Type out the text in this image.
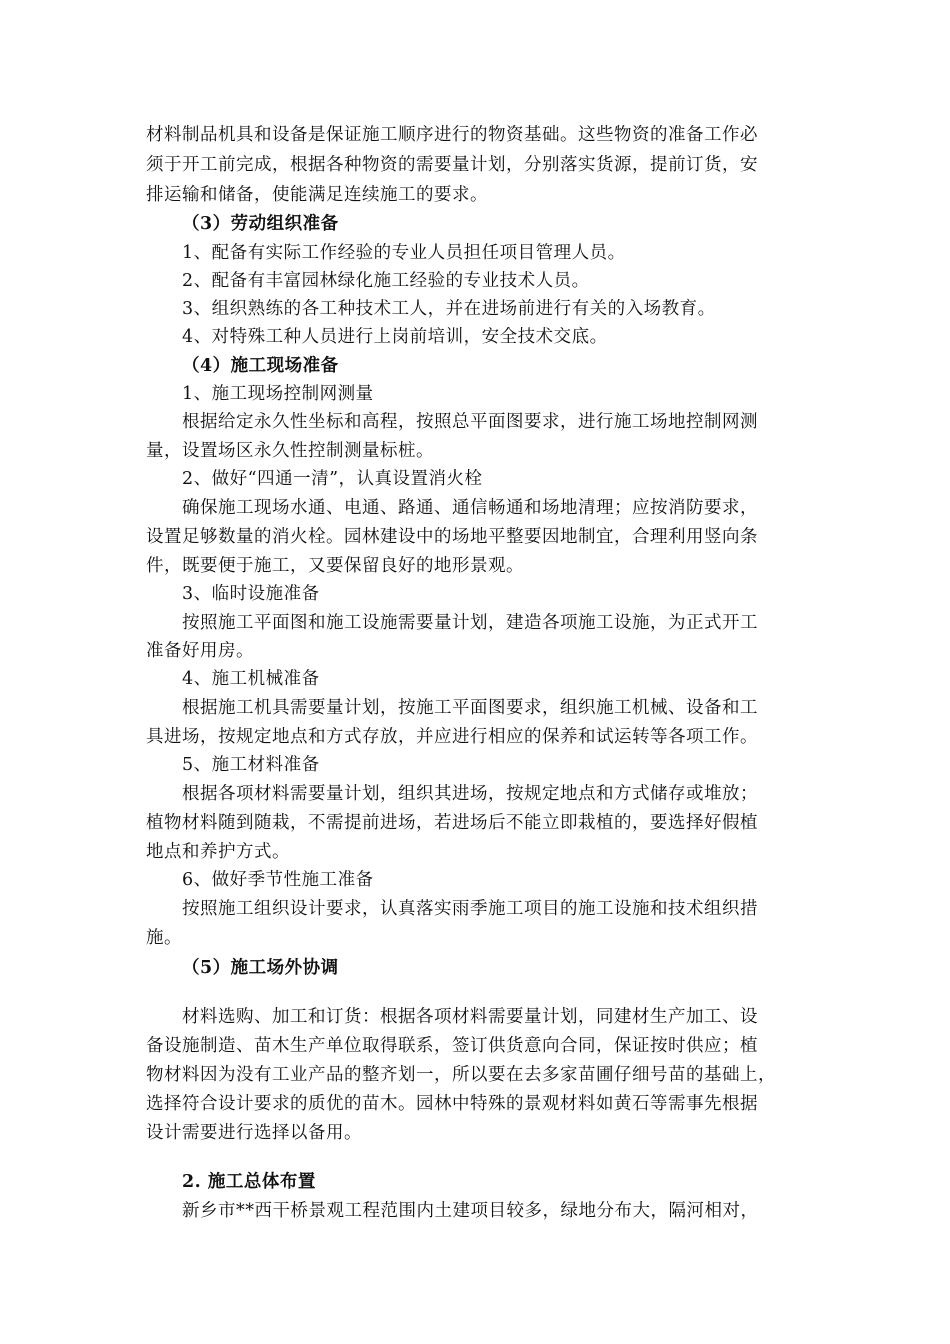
材料制品机具和设备是保证施工顺序进行的物资基础。这些物资的准备工作必
须于开工前完成，根据各种物资的需要量计划，分别落实货源，提前订货，安
排运输和储备，使能满足连续施工的要求。
（3）劳动组织准备
1、配备有实际工作经验的专业人员担任项目管理人员。
2、配备有丰富园林绿化施工经验的专业技术人员。
3、组织熟练的各工种技术工人，并在进场前进行有关的入场教育。
4、对特殊工种人员进行上岗前培训，安全技术交底。
（4）施工现场准备
1、施工现场控制网测量
根据给定永久性坐标和高程，按照总平面图要求，进行施工场地控制网测
量，设置场区永久性控制测量标桩。
2、做好“四通一清”，认真设置消火栓
确保施工现场水通、电通、路通、通信畅通和场地清理；应按消防要求，
设置足够数量的消火栓。园林建设中的场地平整要因地制宜，合理利用竖向条
件，既要便于施工，又要保留良好的地形景观。
3、临时设施准备
按照施工平面图和施工设施需要量计划，建造各项施工设施，为正式开工
准备好用房。
4、施工机械准备
根据施工机具需要量计划，按施工平面图要求，组织施工机械、设备和工
具进场，按规定地点和方式存放，并应进行相应的保养和试运转等各项工作。
5、施工材料准备
根据各项材料需要量计划，组织其进场，按规定地点和方式储存或堆放；
植物材料随到随栽，不需提前进场，若进场后不能立即栽植的，要选择好假植
地点和养护方式。
6、做好季节性施工准备
按照施工组织设计要求，认真落实雨季施工项目的施工设施和技术组织措
施。
（5）施工场外协调
材料选购、加工和订货：根据各项材料需要量计划，同建材生产加工、设
备设施制造、苗木生产单位取得联系，签订供货意向合同，保证按时供应；植
物材料因为没有工业产品的整齐划一，所以要在去多家苗圃仔细号苗的基础上，
选择符合设计要求的质优的苗木。园林中特殊的景观材料如黄石等需事先根据
设计需要进行选择以备用。
2. 施工总体布置
新乡市**西干桥景观工程范围内土建项目较多，绿地分布大，隔河相对，
